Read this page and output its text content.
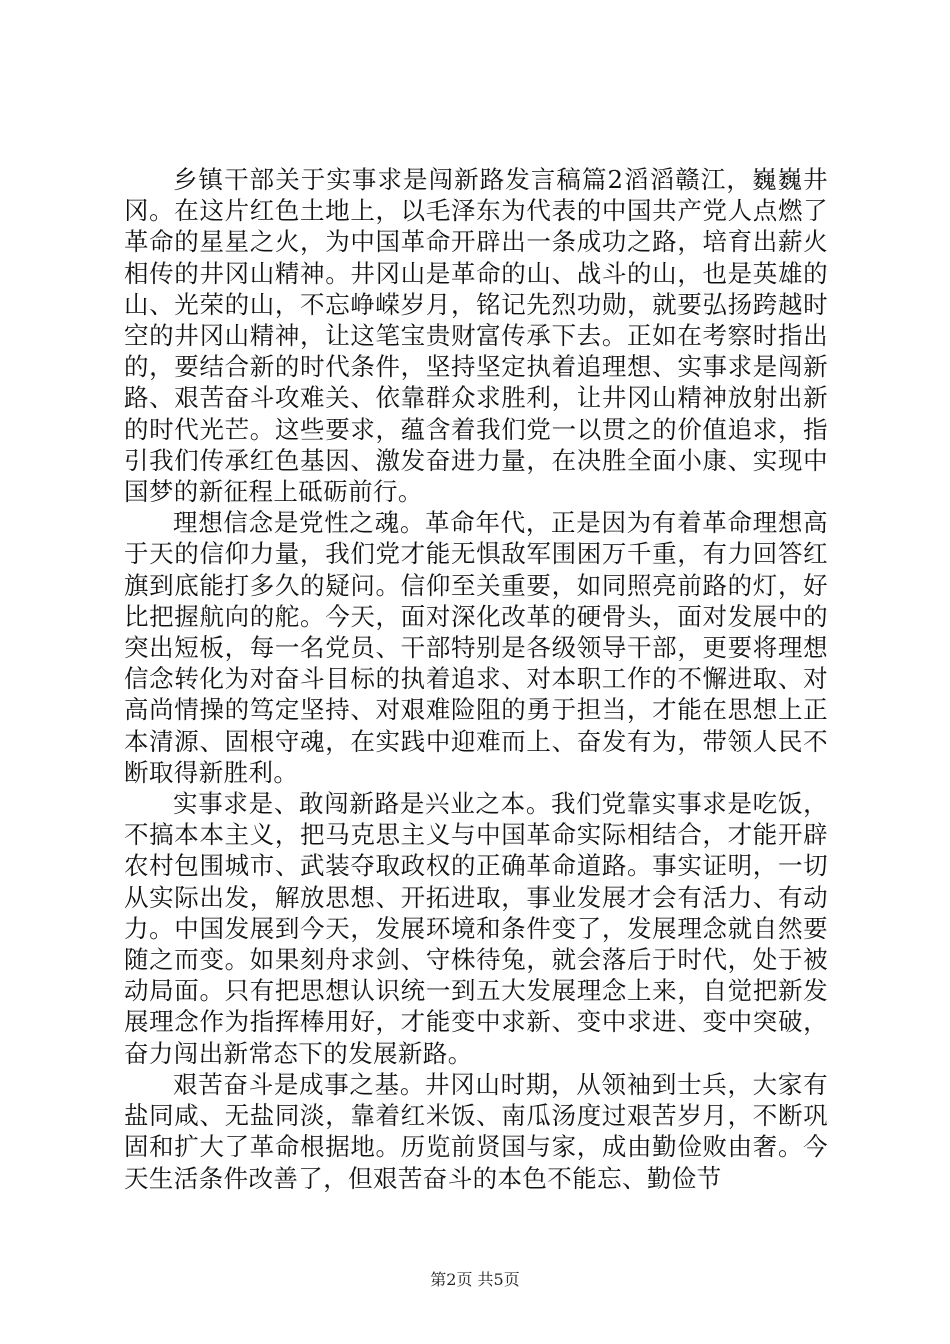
乡镇干部关于实事求是闯新路发言稿篇2滔滔赣江，巍巍井冈。在这片红色土地上，以毛泽东为代表的中国共产党人点燃了革命的星星之火，为中国革命开辟出一条成功之路，培育出薪火相传的井冈山精神。井冈山是革命的山、战斗的山，也是英雄的山、光荣的山，不忘峥嵘岁月，铭记先烈功勋，就要弘扬跨越时空的井冈山精神，让这笔宝贵财富传承下去。正如在考察时指出的，要结合新的时代条件，坚持坚定执着追理想、实事求是闯新路、艰苦奋斗攻难关、依靠群众求胜利，让井冈山精神放射出新的时代光芒。这些要求，蕴含着我们党一以贯之的价值追求，指引我们传承红色基因、激发奋进力量，在决胜全面小康、实现中国梦的新征程上砥砺前行。

理想信念是党性之魂。革命年代，正是因为有着革命理想高于天的信仰力量，我们党才能无惧敌军围困万千重，有力回答红旗到底能打多久的疑问。信仰至关重要，如同照亮前路的灯，好比把握航向的舵。今天，面对深化改革的硬骨头，面对发展中的突出短板，每一名党员、干部特别是各级领导干部，更要将理想信念转化为对奋斗目标的执着追求、对本职工作的不懈进取、对高尚情操的笃定坚持、对艰难险阻的勇于担当，才能在思想上正本清源、固根守魂，在实践中迎难而上、奋发有为，带领人民不断取得新胜利。

实事求是、敢闯新路是兴业之本。我们党靠实事求是吃饭，不搞本本主义，把马克思主义与中国革命实际相结合，才能开辟农村包围城市、武装夺取政权的正确革命道路。事实证明，一切从实际出发，解放思想、开拓进取，事业发展才会有活力、有动力。中国发展到今天，发展环境和条件变了，发展理念就自然要随之而变。如果刻舟求剑、守株待兔，就会落后于时代，处于被动局面。只有把思想认识统一到五大发展理念上来，自觉把新发展理念作为指挥棒用好，才能变中求新、变中求进、变中突破，奋力闯出新常态下的发展新路。

艰苦奋斗是成事之基。井冈山时期，从领袖到士兵，大家有盐同咸、无盐同淡，靠着红米饭、南瓜汤度过艰苦岁月，不断巩固和扩大了革命根据地。历览前贤国与家，成由勤俭败由奢。今天生活条件改善了，但艰苦奋斗的本色不能忘、勤俭节

第2页 共5页
